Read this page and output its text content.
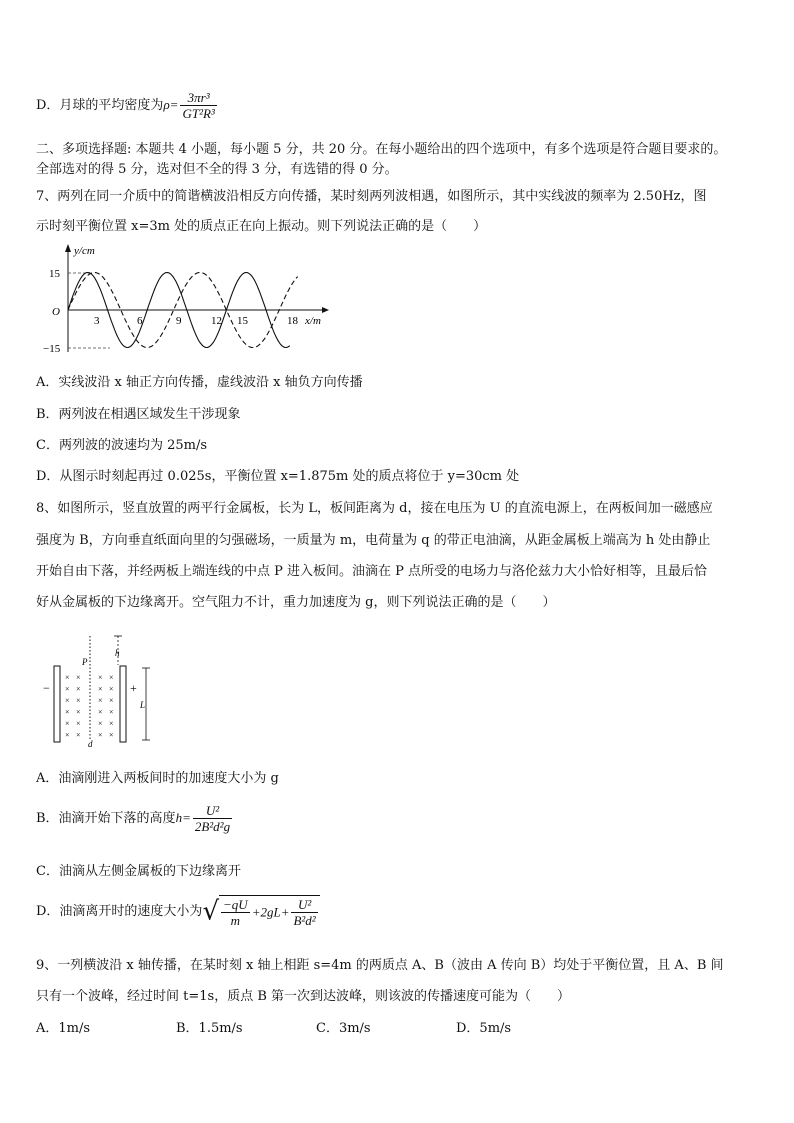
D．月球的平均密度为$\rho= \frac{\text{3πr³}}{\text{GT²R³}}$
二、多项选择题: 本题共 4 小题，每小题 5 分，共 20 分。在每小题给出的四个选项中，有多个选项是符合题目要求的。
全部选对的得 5 分，选对但不全的得 3 分，有选错的得 0 分。
7、两列在同一介质中的简谐横波沿相反方向传播，某时刻两列波相遇，如图所示，其中实线波的频率为 2.50Hz，图
示时刻平衡位置 x=3m 处的质点正在向上振动。则下列说法正确的是（　　）
y/cm
x/m
O
15
−15
3	6	9	12 15	18
A．实线波沿 x 轴正方向传播，虚线波沿 x 轴负方向传播
B．两列波在相遇区域发生干涉现象
C．两列波的波速均为 25m/s
D．从图示时刻起再过 0.025s，平衡位置 x=1.875m 处的质点将位于 y=30cm 处
8、如图所示，竖直放置的两平行金属板，长为 L，板间距离为 d，接在电压为 U 的直流电源上，在两板间加一磁感应
强度为 B，方向垂直纸面向里的匀强磁场，一质量为 m，电荷量为 q 的带正电油滴，从距金属板上端高为 h 处由静止
开始自由下落，并经两板上端连线的中点 P 进入板间。油滴在 P 点所受的电场力与洛伦兹力大小恰好相等，且最后恰
好从金属板的下边缘离开。空气阻力不计，重力加速度为 g，则下列说法正确的是（　　）
−	+
h
P
L
d
× × × ×
× × × ×
× × × ×
× × × ×
× × × ×
× × × ×
A．油滴刚进入两板间时的加速度大小为 g
B．油滴开始下落的高度$h= \frac{\text{U²}}{\text{2B²d²g}}$
C．油滴从左侧金属板的下边缘离开
D．油滴离开时的速度大小为√ $\frac{-qU}{m} +2gL+ \frac{\text{U²}}{\text{B²d²}}$
9、一列横波沿 x 轴传播，在某时刻 x 轴上相距 s=4m 的两质点 A、B（波由 A 传向 B）均处于平衡位置，且 A、B 间
只有一个波峰，经过时间 t=1s，质点 B 第一次到达波峰，则该波的传播速度可能为（　　）
A．1m/s	B．1.5m/s	C．3m/s	D．5m/s
